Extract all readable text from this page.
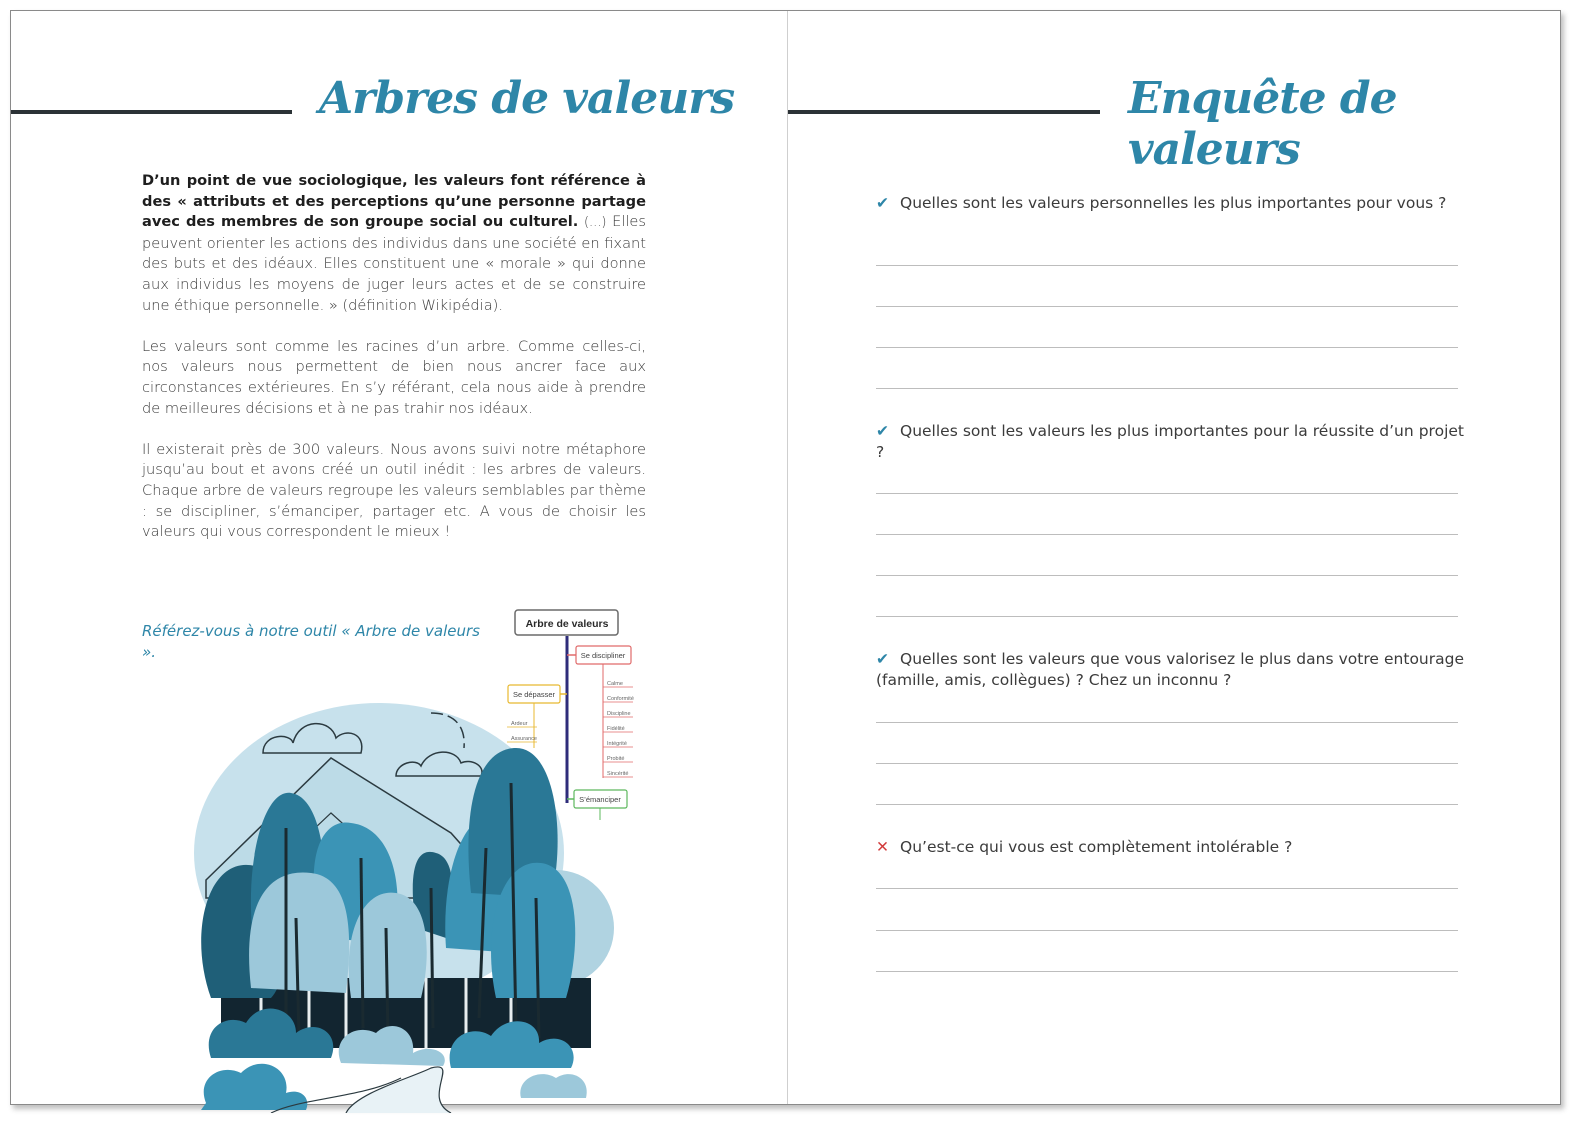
Arbres de valeurs

D’un point de vue sociologique, les valeurs font référence à des « attributs et des perceptions qu’une personne partage avec des membres de son groupe social ou culturel. (...) Elles peuvent orienter les actions des individus dans une société en fixant des buts et des idéaux. Elles constituent une « morale » qui donne aux individus les moyens de juger leurs actes et de se construire une éthique personnelle. » (définition Wikipédia).

Les valeurs sont comme les racines d’un arbre. Comme celles-ci, nos valeurs nous permettent de bien nous ancrer face aux circonstances extérieures. En s’y référant, cela nous aide à prendre de meilleures décisions et à ne pas trahir nos idéaux.

Il existerait près de 300 valeurs. Nous avons suivi notre métaphore jusqu’au bout et avons créé un outil inédit : les arbres de valeurs. Chaque arbre de valeurs regroupe les valeurs semblables par thème : se discipliner, s’émanciper, partager etc. A vous de choisir les valeurs qui vous correspondent le mieux !

Référez-vous à notre outil « Arbre de valeurs ».
Arbre de valeurs
Se discipliner
Calme
Conformité
Discipline
Fidélité
Intégrité
Probité
Sincérité
Se dépasser
Ardeur
Assurance
S’émanciper
Enquête de valeurs
✔ Quelles sont les valeurs personnelles les plus importantes pour vous ?
✔ Quelles sont les valeurs les plus importantes pour la réussite d’un projet ?
✔ Quelles sont les valeurs que vous valorisez le plus dans votre entourage (famille, amis, collègues) ? Chez un inconnu ?
✕ Qu’est-ce qui vous est complètement intolérable ?
